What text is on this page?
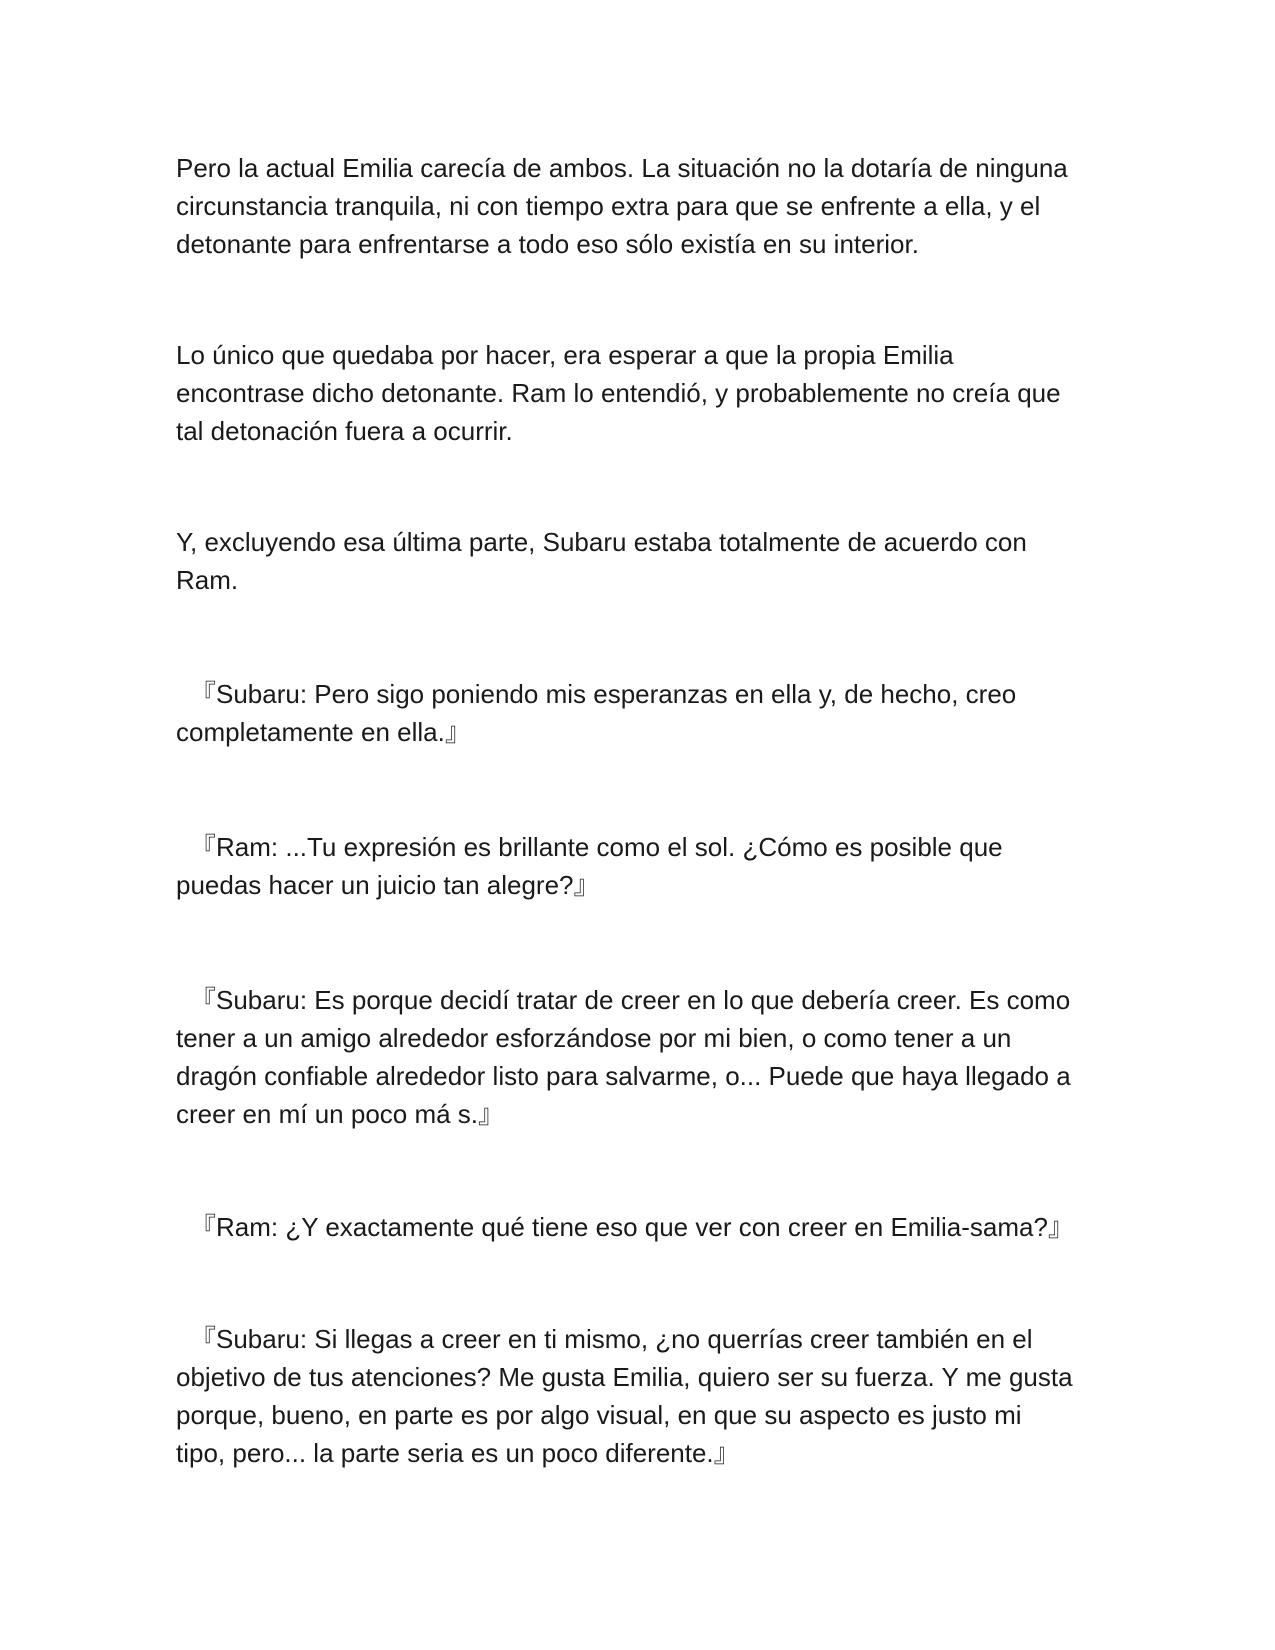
Pero la actual Emilia carecía de ambos. La situación no la dotaría de ninguna
circunstancia tranquila, ni con tiempo extra para que se enfrente a ella, y el
detonante para enfrentarse a todo eso sólo existía en su interior.

Lo único que quedaba por hacer, era esperar a que la propia Emilia
encontrase dicho detonante. Ram lo entendió, y probablemente no creía que
tal detonación fuera a ocurrir.

Y, excluyendo esa última parte, Subaru estaba totalmente de acuerdo con
Ram.

『Subaru: Pero sigo poniendo mis esperanzas en ella y, de hecho, creo
completamente en ella.』

『Ram: ...Tu expresión es brillante como el sol. ¿Cómo es posible que
puedas hacer un juicio tan alegre?』

『Subaru: Es porque decidí tratar de creer en lo que debería creer. Es como
tener a un amigo alrededor esforzándose por mi bien, o como tener a un
dragón confiable alrededor listo para salvarme, o... Puede que haya llegado a
creer en mí un poco má s.』

『Ram: ¿Y exactamente qué tiene eso que ver con creer en Emilia-sama?』

『Subaru: Si llegas a creer en ti mismo, ¿no querrías creer también en el
objetivo de tus atenciones? Me gusta Emilia, quiero ser su fuerza. Y me gusta
porque, bueno, en parte es por algo visual, en que su aspecto es justo mi
tipo, pero... la parte seria es un poco diferente.』
